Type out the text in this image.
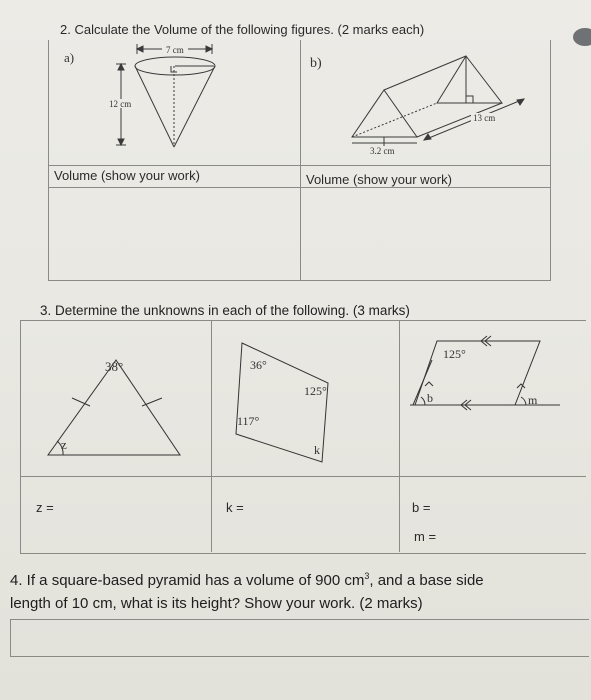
2. Calculate the Volume of the following figures. (2 marks each)
a)	b)
Volume (show your work)	Volume (show your work)
3. Determine the unknowns in each of the following. (3 marks)
z =	k =	b =
m =
4. If a square-based pyramid has a volume of 900 $cm^3$, and a base side
length of 10 cm, what is its height? Show your work. (2 marks)
7 cm
12 cm
3.2 cm
13 cm
38°
z
36°
117°
125°
k
125°
b	m
